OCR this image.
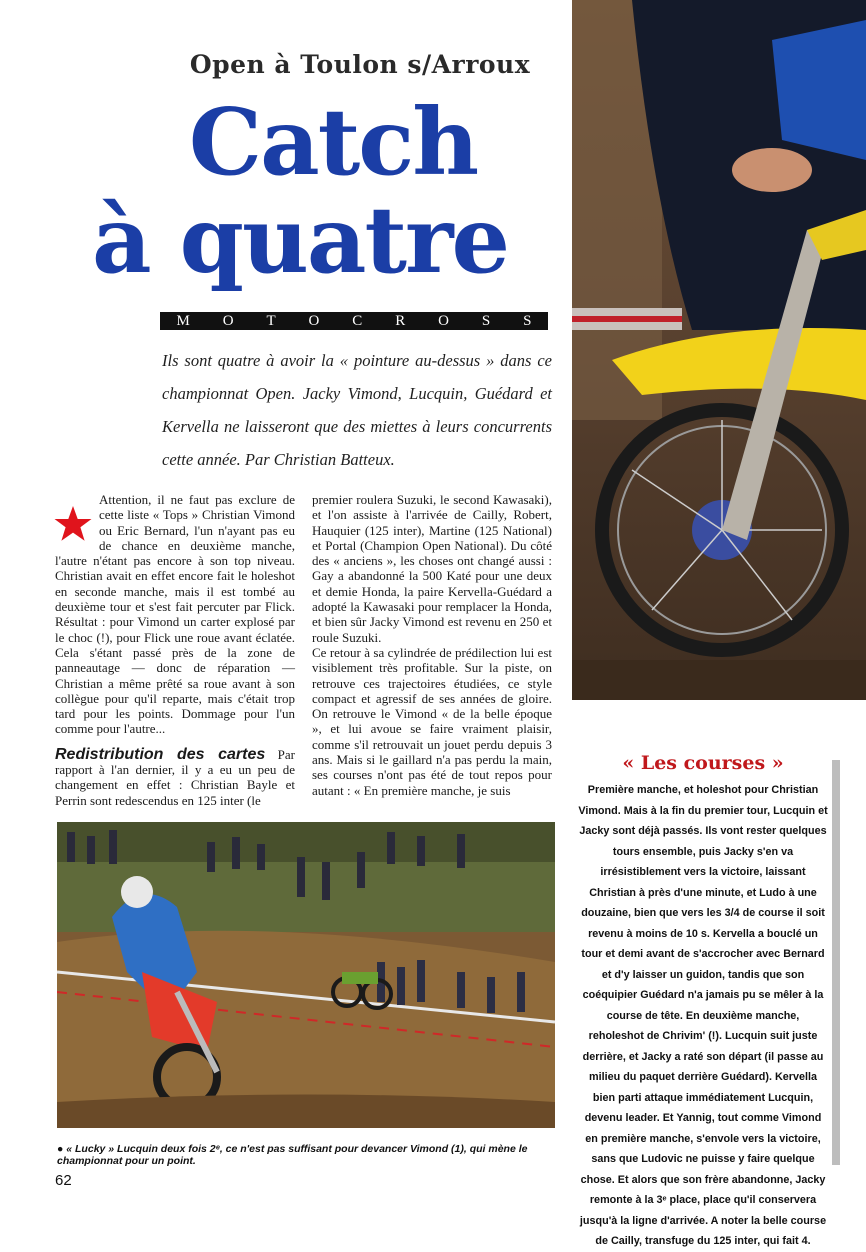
Open à Toulon s/Arroux
Catch
à quatre
M O T O C R O S S
Ils sont quatre à avoir la « pointure au-dessus » dans ce championnat Open. Jacky Vimond, Lucquin, Guédard et Kervella ne laisseront que des miettes à leurs concurrents cette année. Par Christian Batteux.

Attention, il ne faut pas exclure de cette liste « Tops » Christian Vimond ou Eric Bernard, l'un n'ayant pas eu de chance en deuxième manche, l'autre n'étant pas encore à son top niveau. Christian avait en effet encore fait le holeshot en seconde manche, mais il est tombé au deuxième tour et s'est fait percuter par Flick. Résultat : pour Vimond un carter explosé par le choc (!), pour Flick une roue avant éclatée. Cela s'étant passé près de la zone de panneautage — donc de réparation — Christian a même prêté sa roue avant à son collègue pour qu'il reparte, mais c'était trop tard pour les points. Dommage pour l'un comme pour l'autre...

Redistribution des cartes Par rapport à l'an dernier, il y a eu un peu de changement en effet : Christian Bayle et Perrin sont redescendus en 125 inter (le

premier roulera Suzuki, le second Kawasaki), et l'on assiste à l'arrivée de Cailly, Robert, Hauquier (125 inter), Martine (125 National) et Portal (Champion Open National). Du côté des « anciens », les choses ont changé aussi : Gay a abandonné la 500 Katé pour une deux et demie Honda, la paire Kervella-Guédard a adopté la Kawasaki pour remplacer la Honda, et bien sûr Jacky Vimond est revenu en 250 et roule Suzuki.

Ce retour à sa cylindrée de prédilection lui est visiblement très profitable. Sur la piste, on retrouve ces trajectoires étudiées, ce style compact et agressif de ses années de gloire. On retrouve le Vimond « de la belle époque », et lui avoue se faire vraiment plaisir, comme s'il retrouvait un jouet perdu depuis 3 ans. Mais si le gaillard n'a pas perdu la main, ses courses n'ont pas été de tout repos pour autant : « En première manche, je suis

« Les courses »
Première manche, et holeshot pour Christian Vimond. Mais à la fin du premier tour, Lucquin et Jacky sont déjà passés. Ils vont rester quelques tours ensemble, puis Jacky s'en va irrésistiblement vers la victoire, laissant Christian à près d'une minute, et Ludo à une douzaine, bien que vers les 3/4 de course il soit revenu à moins de 10 s. Kervella a bouclé un tour et demi avant de s'accrocher avec Bernard et d'y laisser un guidon, tandis que son coéquipier Guédard n'a jamais pu se mêler à la course de tête. En deuxième manche, reholeshot de Chrivim' (!). Lucquin suit juste derrière, et Jacky a raté son départ (il passe au milieu du paquet derrière Guédard). Kervella bien parti attaque immédiatement Lucquin, devenu leader. Et Yannig, tout comme Vimond en première manche, s'envole vers la victoire, sans que Ludovic ne puisse y faire quelque chose. Et alors que son frère abandonne, Jacky remonte à la 3ᵉ place, place qu'il conservera jusqu'à la ligne d'arrivée. A noter la belle course de Cailly, transfuge du 125 inter, qui fait 4.
● « Lucky » Lucquin deux fois 2ᵉ, ce n'est pas suffisant pour devancer Vimond (1), qui mène le championnat pour un point.
62
